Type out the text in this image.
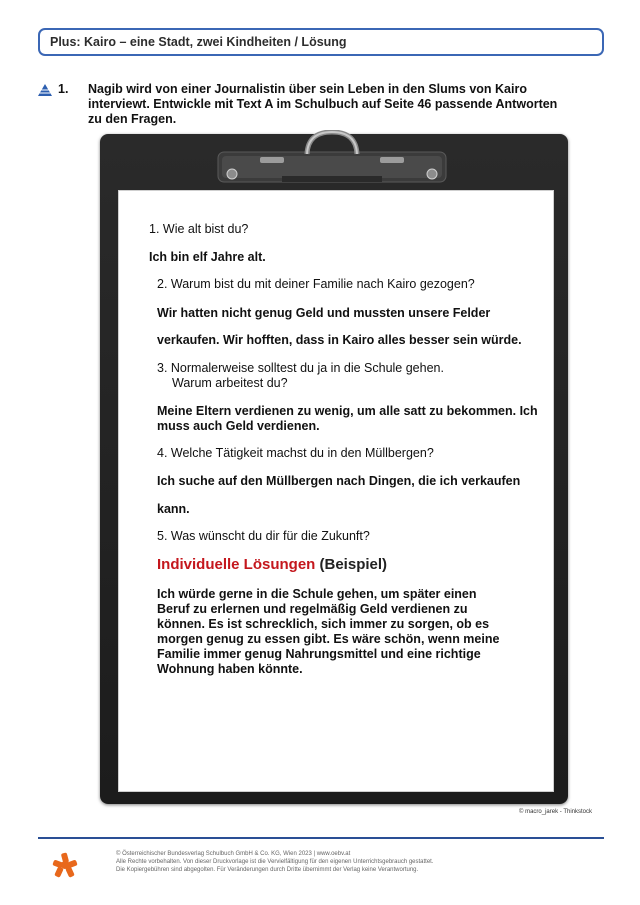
Plus: Kairo – eine Stadt, zwei Kindheiten / Lösung
1. Nagib wird von einer Journalistin über sein Leben in den Slums von Kairo
interviewt. Entwickle mit Text A im Schulbuch auf Seite 46 passende Antworten
zu den Fragen.
1. Wie alt bist du?
Ich bin elf Jahre alt.
2. Warum bist du mit deiner Familie nach Kairo gezogen?
Wir hatten nicht genug Geld und mussten unsere Felder
verkaufen. Wir hofften, dass in Kairo alles besser sein würde.
3. Normalerweise solltest du ja in die Schule gehen.
Warum arbeitest du?
Meine Eltern verdienen zu wenig, um alle satt zu bekommen. Ich
muss auch Geld verdienen.
4. Welche Tätigkeit machst du in den Müllbergen?
Ich suche auf den Müllbergen nach Dingen, die ich verkaufen
kann.
5. Was wünscht du dir für die Zukunft?
Individuelle Lösungen (Beispiel)
Ich würde gerne in die Schule gehen, um später einen
Beruf zu erlernen und regelmäßig Geld verdienen zu
können. Es ist schrecklich, sich immer zu sorgen, ob es
morgen genug zu essen gibt. Es wäre schön, wenn meine
Familie immer genug Nahrungsmittel und eine richtige
Wohnung haben könnte.
© macro_jarek - Thinkstock
© Österreichischer Bundesverlag Schulbuch GmbH & Co. KG, Wien 2023 | www.oebv.at
Alle Rechte vorbehalten. Von dieser Druckvorlage ist die Vervielfältigung für den eigenen Unterrichtsgebrauch gestattet.
Die Kopiergebühren sind abgegolten. Für Veränderungen durch Dritte übernimmt der Verlag keine Verantwortung.
